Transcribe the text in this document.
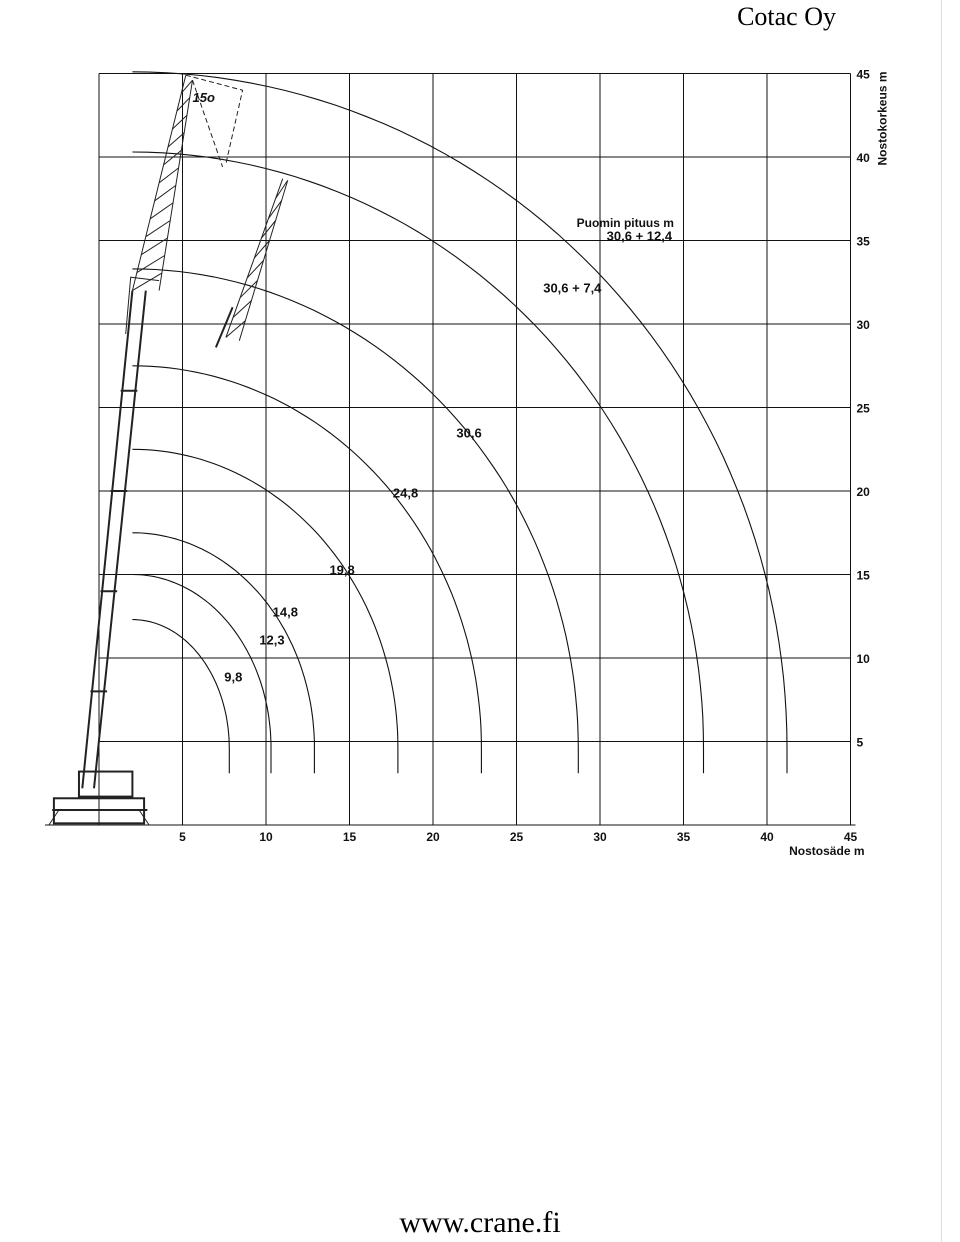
Cotac Oy
5	10	15	20	25	30	35	40	45
5
10
15
20
25
30
35
40
45
Nostosäde m
Nostokorkeus m
Puomin pituus m
9,8
12,3
14,8
19,8
24,8
30,6
30,6 + 7,4
30,6 + 12,4
15o
www.crane.fi
